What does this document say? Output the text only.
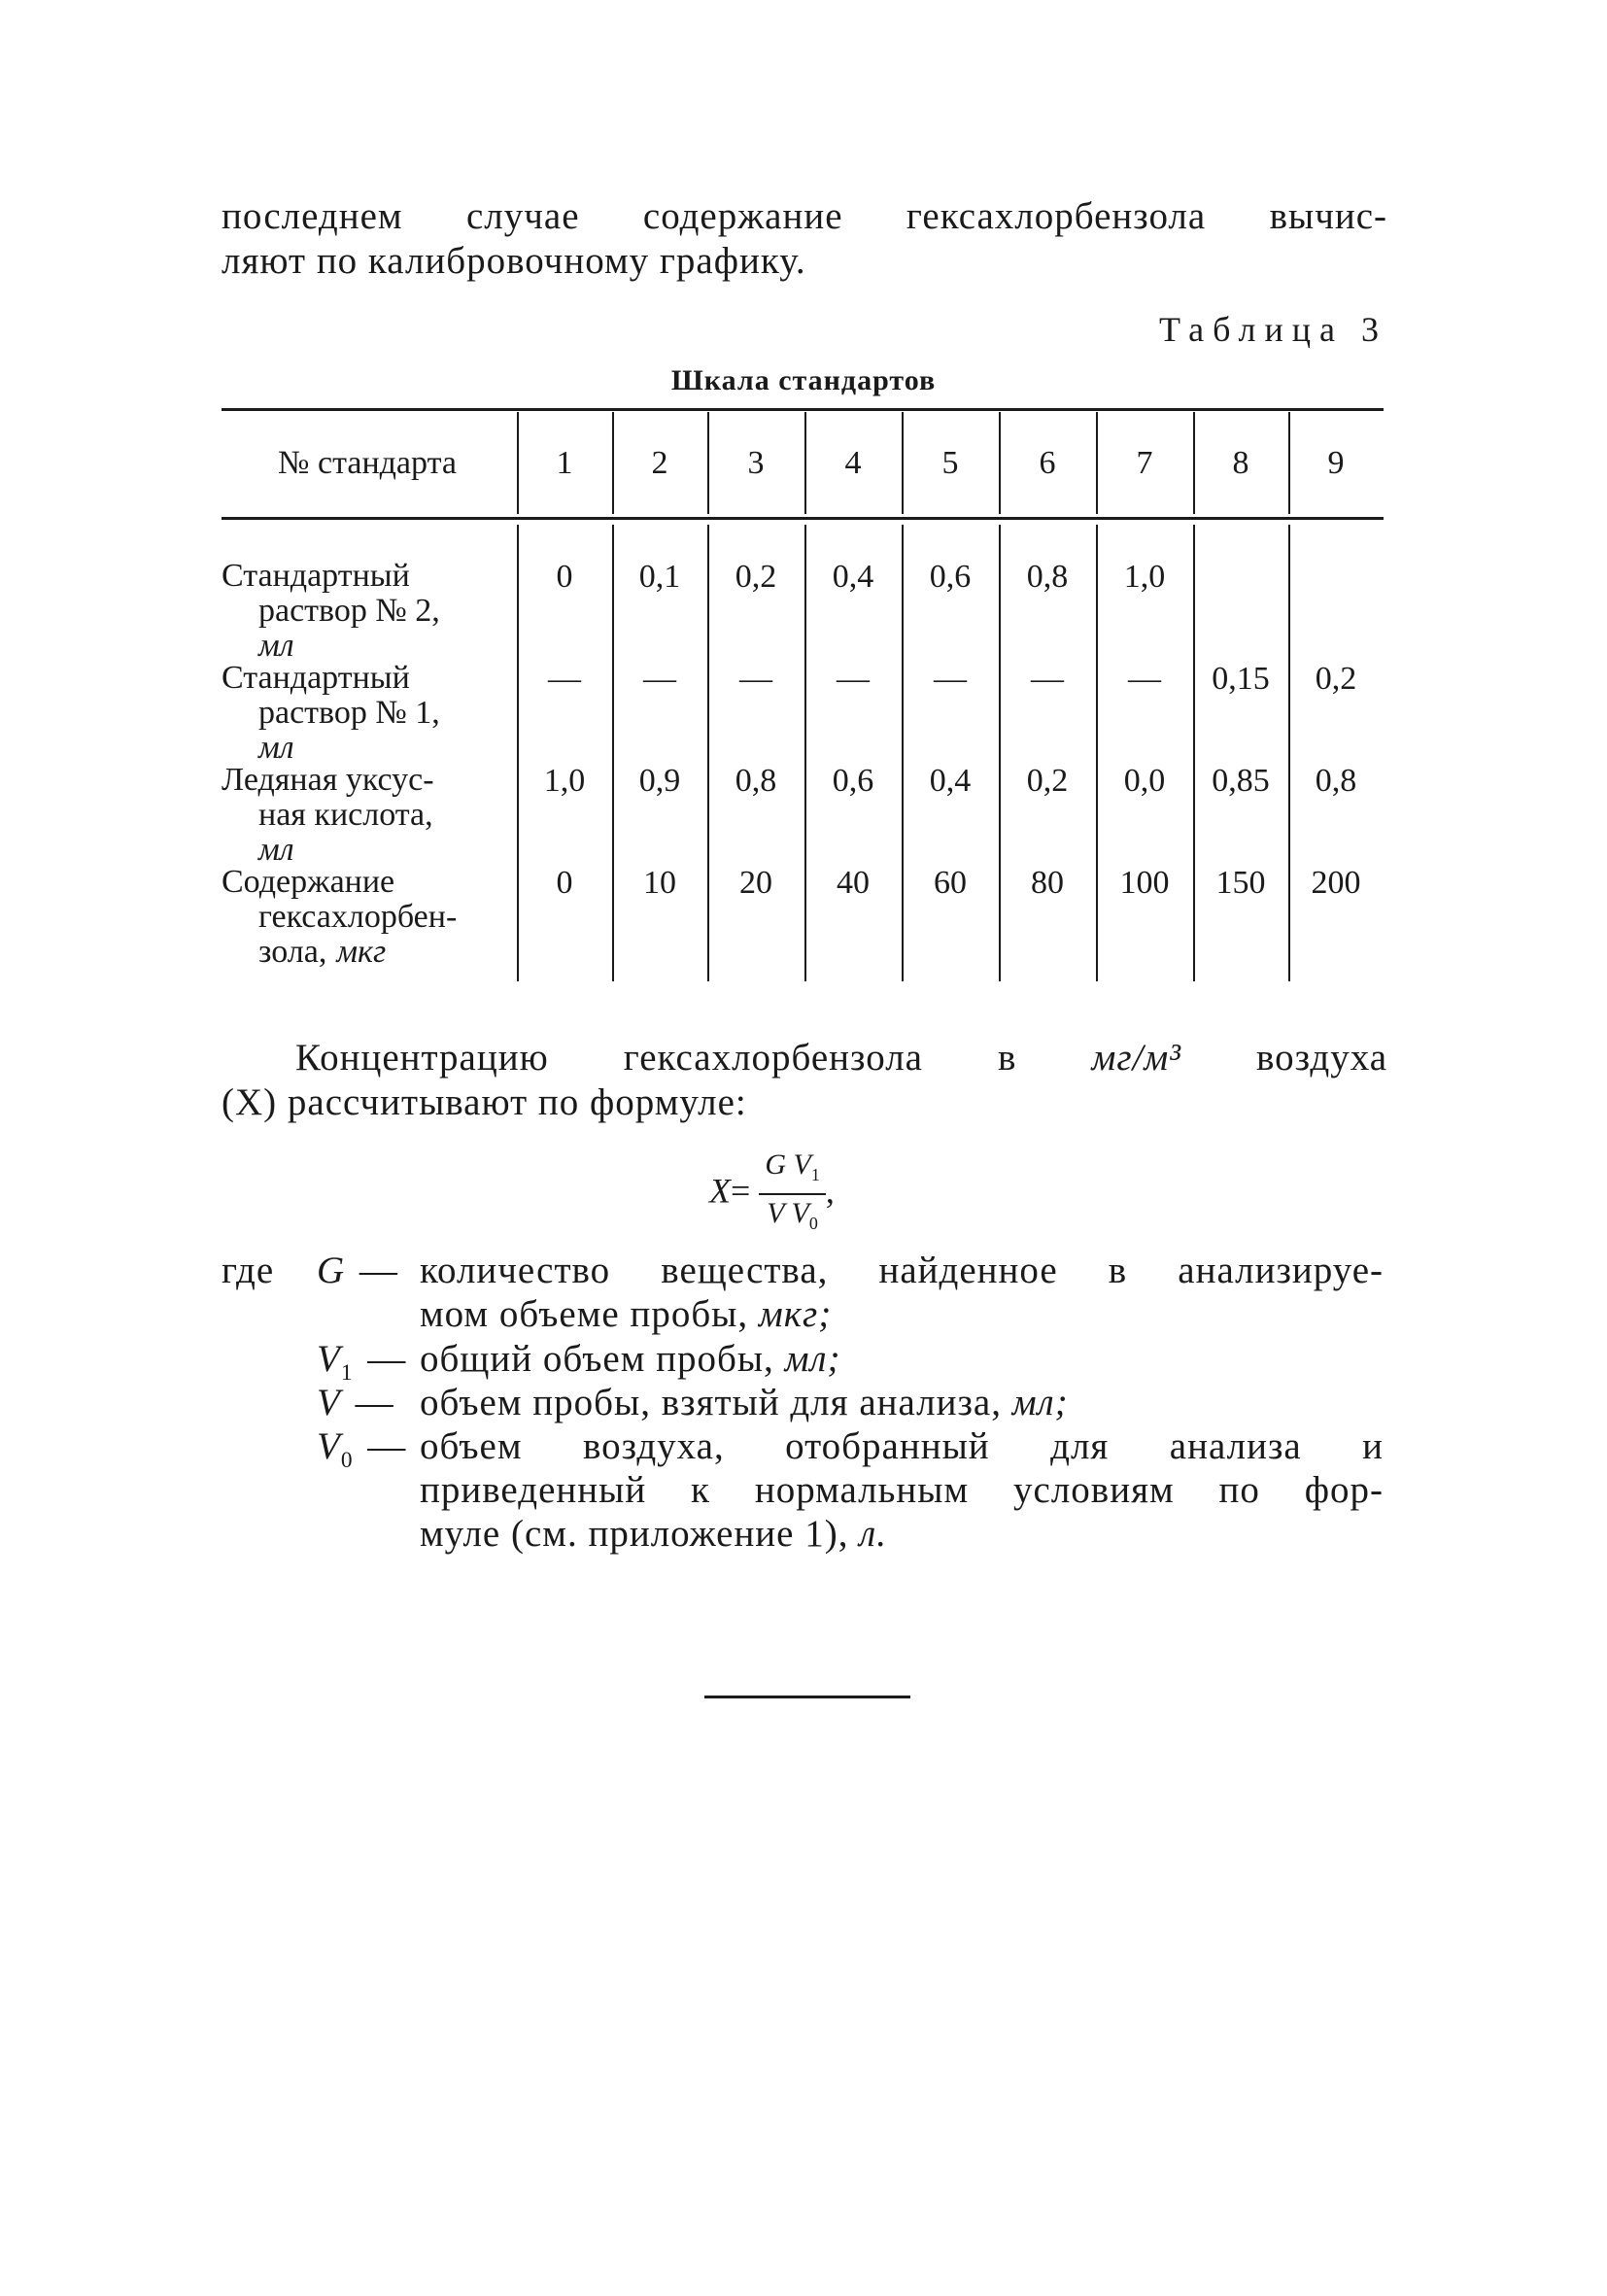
последнем случае содержание гексахлорбензола вычис-
ляют по калибровочному графику.
Таблица 3
Шкала стандартов
№ стандарта	1	2	3	4	5	6	7	8	9
Стандартный
раствор № 2,
мл
0	0,1	0,2	0,4	0,6	0,8	1,0
Стандартный
раствор № 1,
мл
—	—	—	—	—	—	—	0,15	0,2
Ледяная уксус-
ная кислота,
мл
1,0	0,9	0,8	0,6	0,4	0,2	0,0	0,85	0,8
Содержание
гексахлорбен-
зола, мкг
0	10	20	40	60	80	100	150	200
Концентрацию гексахлорбензола в мг/м³ воздуха
(X) рассчитывают по формуле:
$X= \frac{G V_1}{V V_0}$ ,
где G — количество вещества, найденное в анализируе-
мом объеме пробы, мкг;
$V_1$ — общий объем пробы, мл;
V — объем пробы, взятый для анализа, мл;
$V_0$ — объем воздуха, отобранный для анализа и
приведенный к нормальным условиям по фор-
муле (см. приложение 1), л.
